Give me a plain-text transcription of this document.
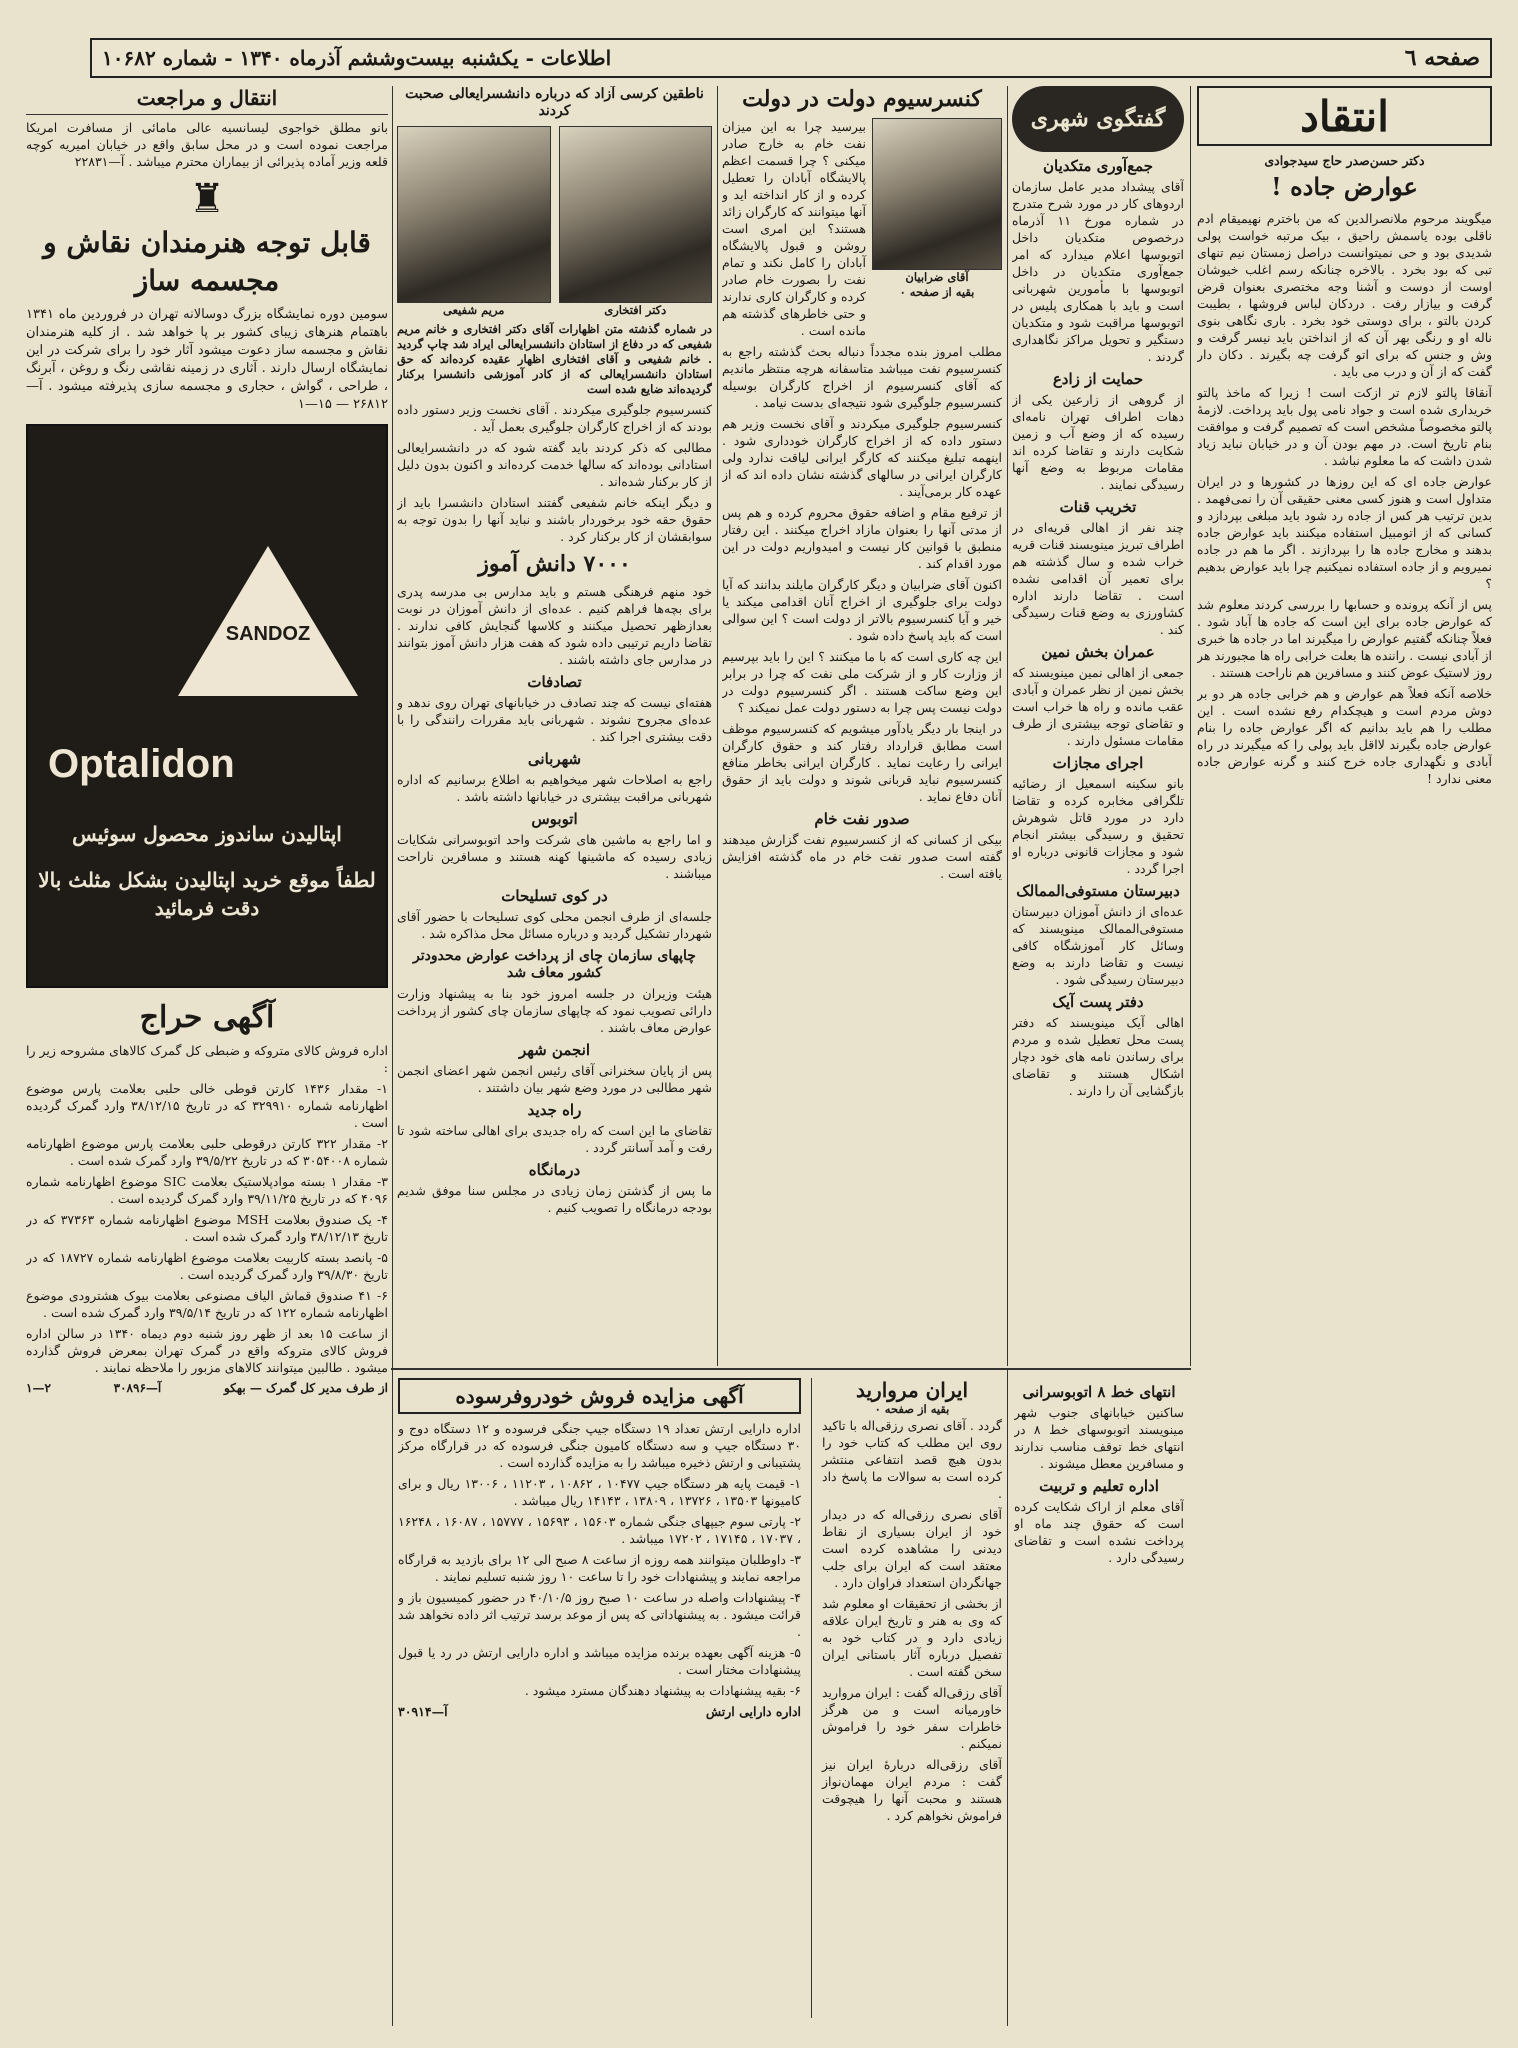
صفحه ٦
اطلاعات - یکشنبه بیست‌وششم آذرماه ۱۳۴۰ - شماره ۱۰۶۸۲
انتقاد
دکتر حسن‌صدر حاج سیدجوادی
عوارض جاده !

میگویند مرحوم ملانصرالدین که من باخترم نهیمیقام ادم ناقلی بوده یاسمش راحیق ، بیک مرتبه خواست پولی شدیدی بود و حی نمیتوانست دراصل زمستان نیم تنهای تبی که بود بخرد . بالاخره چنانکه رسم اغلب خیوشان اوست از دوست و آشنا وجه مختصری بعنوان قرض گرفت و بیازار رفت . دردکان لباس فروشها ، بطیبت کردن بالتو ، برای دوستی خود بخرد . باری نگاهی بنوی ناله او و رنگی بهر آن که از انداختن باید نیسر گرفت و وش و جنس که برای اتو گرفت چه بگیرند . دکان دار گفت که از آن و درب می باید .

آنقاقا پالتو لازم تر ازکت است ! زیرا که ماخذ پالتو خریداری شده است و جواد نامی پول باید پرداخت. لازمهٔ پالتو مخصوصاً مشخص است که تصمیم گرفت و موافقت بنام تاریخ است. در مهم بودن آن و در خیابان نباید زیاد شدن داشت که ما معلوم نباشد .

عوارض جاده ای که این روزها در کشورها و در ایران متداول است و هنوز کسی معنی حقیقی آن را نمی‌فهمد . بدین ترتیب هر کس از جاده رد شود باید مبلغی بپردازد و کسانی که از اتومبیل استفاده میکنند باید عوارض جاده بدهند و مخارج جاده ها را بپردازند . اگر ما هم در جاده نمیرویم و از جاده استفاده نمیکنیم چرا باید عوارض بدهیم ؟

پس از آنکه پرونده و حسابها را بررسی کردند معلوم شد که عوارض جاده برای این است که جاده ها آباد شود . فعلاً چنانکه گفتیم عوارض را میگیرند اما در جاده ها خبری از آبادی نیست . راننده ها بعلت خرابی راه ها مجبورند هر روز لاستیک عوض کنند و مسافرین هم ناراحت هستند .

خلاصه آنکه فعلاً هم عوارض و هم خرابی جاده هر دو بر دوش مردم است و هیچکدام رفع نشده است . این مطلب را هم باید بدانیم که اگر عوارض جاده را بنام عوارض جاده بگیرند لااقل باید پولی را که میگیرند در راه آبادی و نگهداری جاده خرج کنند و گرنه عوارض جاده معنی ندارد !

گفتگوی شهری
جمع‌آوری متکدیان

آقای پیشداد مدیر عامل سازمان اردوهای کار در مورد شرح متدرج در شماره مورخ ۱۱ آذرماه درخصوص متکدیان داخل اتوبوسها اعلام میدارد که امر جمع‌آوری متکدیان در داخل اتوبوسها با مأمورین شهربانی است و باید با همکاری پلیس در اتوبوسها مراقبت شود و متکدیان دستگیر و تحویل مراکز نگاهداری گردند .

حمایت از زادع

از گروهی از زارعین یکی از دهات اطراف تهران نامه‌ای رسیده که از وضع آب و زمین شکایت دارند و تقاضا کرده اند مقامات مربوط به وضع آنها رسیدگی نمایند .

تخریب قنات

چند نفر از اهالی قریه‌ای در اطراف تبریز مینویسند قنات قریه خراب شده و سال گذشته هم برای تعمیر آن اقدامی نشده است . تقاضا دارند اداره کشاورزی به وضع قنات رسیدگی کند .

عمران بخش نمین

جمعی از اهالی نمین مینویسند که بخش نمین از نظر عمران و آبادی عقب مانده و راه ها خراب است و تقاضای توجه بیشتری از طرف مقامات مسئول دارند .

اجرای مجازات

بانو سکینه اسمعیل از رضائیه تلگرافی مخابره کرده و تقاضا دارد در مورد قاتل شوهرش تحقیق و رسیدگی بیشتر انجام شود و مجازات قانونی درباره او اجرا گردد .

دبیرستان مستوفی‌الممالک

عده‌ای از دانش آموزان دبیرستان مستوفی‌الممالک مینویسند که وسائل کار آموزشگاه کافی نیست و تقاضا دارند به وضع دبیرستان رسیدگی شود .

دفتر پست آیک

اهالی آیک مینویسند که دفتر پست محل تعطیل شده و مردم برای رساندن نامه های خود دچار اشکال هستند و تقاضای بازگشایی آن را دارند .

کنسرسیوم دولت در دولت
آقای ضرابیان
بقیه از صفحه ۰

بیرسید چرا به این میزان نفت خام به خارج صادر میکنی ؟ چرا قسمت اعظم پالایشگاه آبادان را تعطیل کرده و از کار انداخته اید و آنها میتوانند که کارگران زائد هستند؟ این امری است روشن و قبول پالایشگاه آبادان را کامل نکند و تمام نفت را بصورت خام صادر کرده و کارگران کاری ندارند و حتی خاطرهای گذشته هم مانده است .

مطلب امروز بنده مجدداً دنباله بحث گذشته راجع به کنسرسیوم نفت میباشد متاسفانه هرچه منتظر ماندیم که آقای کنسرسیوم از اخراج کارگران بوسیله کنسرسیوم جلوگیری شود نتیجه‌ای بدست نیامد .

کنسرسیوم جلوگیری میکردند و آقای نخست وزیر هم دستور داده که از اخراج کارگران خودداری شود . اینهمه تبلیغ میکنند که کارگر ایرانی لیاقت ندارد ولی کارگران ایرانی در سالهای گذشته نشان داده اند که از عهده کار برمی‌آیند .

از ترفیع مقام و اضافه حقوق محروم کرده و هم پس از مدتی آنها را بعنوان مازاد اخراج میکنند . این رفتار منطبق با قوانین کار نیست و امیدواریم دولت در این مورد اقدام کند .

اکنون آقای ضرابیان و دیگر کارگران مایلند بدانند که آیا دولت برای جلوگیری از اخراج آنان اقدامی میکند یا خیر و آیا کنسرسیوم بالاتر از دولت است ؟ این سوالی است که باید پاسخ داده شود .

این چه کاری است که با ما میکنند ؟ این را باید بپرسیم از وزارت کار و از شرکت ملی نفت که چرا در برابر این وضع ساکت هستند . اگر کنسرسیوم دولت در دولت نیست پس چرا به دستور دولت عمل نمیکند ؟

در اینجا بار دیگر یادآور میشویم که کنسرسیوم موظف است مطابق قرارداد رفتار کند و حقوق کارگران ایرانی را رعایت نماید . کارگران ایرانی بخاطر منافع کنسرسیوم نباید قربانی شوند و دولت باید از حقوق آنان دفاع نماید .

صدور نفت خام

بیکی از کسانی که از کنسرسیوم نفت گزارش میدهند گفته است صدور نفت خام در ماه گذشته افزایش یافته است .

ناطقین کرسی آزاد که درباره دانشسرایعالی صحبت کردند
دکتر افتخاری
مریم شفیعی

در شماره گذشته متن اظهارات آقای دکتر افتخاری و خانم مریم شفیعی که در دفاع از استادان دانشسرایعالی ایراد شد چاپ گردید . خانم شفیعی و آقای افتخاری اظهار عقیده کرده‌اند که حق استادان دانشسرایعالی که از کادر آموزشی دانشسرا برکنار گردیده‌اند ضایع شده است

کنسرسیوم جلوگیری میکردند . آقای نخست وزیر دستور داده بودند که از اخراج کارگران جلوگیری بعمل آید .

مطالبی که ذکر کردند باید گفته شود که در دانشسرایعالی استادانی بوده‌اند که سالها خدمت کرده‌اند و اکنون بدون دلیل از کار برکنار شده‌اند .

و دیگر اینکه خانم شفیعی گفتند استادان دانشسرا باید از حقوق حقه خود برخوردار باشند و نباید آنها را بدون توجه به سوابقشان از کار برکنار کرد .

۷۰۰۰ دانش آموز

خود منهم فرهنگی هستم و باید مدارس بی مدرسه پدری برای بچه‌ها فراهم کنیم . عده‌ای از دانش آموزان در نوبت بعدازظهر تحصیل میکنند و کلاسها گنجایش کافی ندارند . تقاضا داریم ترتیبی داده شود که هفت هزار دانش آموز بتوانند در مدارس جای داشته باشند .

تصادفات

هفته‌ای نیست که چند تصادف در خیابانهای تهران روی ندهد و عده‌ای مجروح نشوند . شهربانی باید مقررات رانندگی را با دقت بیشتری اجرا کند .

شهربانی

راجع به اصلاحات شهر میخواهیم به اطلاع برسانیم که اداره شهربانی مراقبت بیشتری در خیابانها داشته باشد .

اتوبوس

و اما راجع به ماشین های شرکت واحد اتوبوسرانی شکایات زیادی رسیده که ماشینها کهنه هستند و مسافرین ناراحت میباشند .

در کوی تسلیحات

جلسه‌ای از طرف انجمن محلی کوی تسلیحات با حضور آقای شهردار تشکیل گردید و درباره مسائل محل مذاکره شد .

چاپهای سازمان چای از پرداخت عوارض محدودتر کشور معاف شد

هیئت وزیران در جلسه امروز خود بنا به پیشنهاد وزارت دارائی تصویب نمود که چاپهای سازمان چای کشور از پرداخت عوارض معاف باشند .

انجمن شهر

پس از پایان سخنرانی آقای رئیس انجمن شهر اعضای انجمن شهر مطالبی در مورد وضع شهر بیان داشتند .

راه جدید

تقاضای ما این است که راه جدیدی برای اهالی ساخته شود تا رفت و آمد آسانتر گردد .

درمانگاه

ما پس از گذشتن زمان زیادی در مجلس سنا موفق شدیم بودجه درمانگاه را تصویب کنیم .

انتقال و مراجعت

بانو مطلق خواجوی لیسانسیه عالی مامائی از مسافرت امریکا مراجعت نموده است و در محل سابق واقع در خیابان امیریه کوچه قلعه وزیر آماده پذیرائی از بیماران محترم میباشد . آ—۲۲۸۳۱

♜
قابل توجه هنرمندان نقاش و مجسمه ساز

سومین دوره نمایشگاه بزرگ دوسالانه تهران در فروردین ماه ۱۳۴۱ باهتمام هنرهای زیبای کشور بر پا خواهد شد . از کلیه هنرمندان نقاش و مجسمه ساز دعوت میشود آثار خود را برای شرکت در این نمایشگاه ارسال دارند . آثاری در زمینه نقاشی رنگ و روغن ، آبرنگ ، طراحی ، گواش ، حجاری و مجسمه سازی پذیرفته میشود . آ—۲۶۸۱۲ — ۱۵—۱

SANDOZ
Optalidon
اپتالیدن ساندوز محصول سوئیس
لطفاً موقع خرید اپتالیدن بشکل مثلث بالا دقت فرمائید
آگهی حراج

اداره فروش کالای متروکه و ضبطی کل گمرک کالاهای مشروحه زیر را :

۱- مقدار ۱۴۳۶ کارتن قوطی خالی حلبی بعلامت پارس موضوع اظهارنامه شماره ۳۲۹۹۱۰ که در تاریخ ۳۸/۱۲/۱۵ وارد گمرک گردیده است .

۲- مقدار ۳۲۲ کارتن درقوطی حلبی بعلامت پارس موضوع اظهارنامه شماره ۳۰۵۴۰۰۸ که در تاریخ ۳۹/۵/۲۲ وارد گمرک شده است .

۳- مقدار ۱ بسته موادپلاستیک بعلامت SIC موضوع اظهارنامه شماره ۴۰۹۶ که در تاریخ ۳۹/۱۱/۲۵ وارد گمرک گردیده است .

۴- یک صندوق بعلامت MSH موضوع اظهارنامه شماره ۳۷۳۶۳ که در تاریخ ۳۸/۱۲/۱۳ وارد گمرک شده است .

۵- پانصد بسته کاربیت بعلامت موضوع اظهارنامه شماره ۱۸۷۲۷ که در تاریخ ۳۹/۸/۳۰ وارد گمرک گردیده است .

۶- ۴۱ صندوق قماش الیاف مصنوعی بعلامت بیوک هشترودی موضوع اظهارنامه شماره ۱۲۲ که در تاریخ ۳۹/۵/۱۴ وارد گمرک شده است .

از ساعت ۱۵ بعد از ظهر روز شنبه دوم دیماه ۱۳۴۰ در سالن اداره فروش کالای متروکه واقع در گمرک تهران بمعرض فروش گذارده میشود . طالبین میتوانند کالاهای مزبور را ملاحظه نمایند .

از طرف مدیر کل گمرک — بهکو
آ—۳۰۸۹۶
۲—۱	انتهای خط ۸ اتوبوسرانی

ساکنین خیابانهای جنوب شهر مینویسند اتوبوسهای خط ۸ در انتهای خط توقف مناسب ندارند و مسافرین معطل میشوند .

اداره تعلیم و تربیت

آقای معلم از اراک شکایت کرده است که حقوق چند ماه او پرداخت نشده است و تقاضای رسیدگی دارد .

ایران مروارید
بقیه از صفحه ۰

گردد . آقای نصری رزقی‌اله با تاکید روی این مطلب که کتاب خود را بدون هیچ قصد انتفاعی منتشر کرده است به سوالات ما پاسخ داد .

آقای نصری رزقی‌اله که در دیدار خود از ایران بسیاری از نقاط دیدنی را مشاهده کرده است معتقد است که ایران برای جلب جهانگردان استعداد فراوان دارد .

از بخشی از تحقیقات او معلوم شد که وی به هنر و تاریخ ایران علاقه زیادی دارد و در کتاب خود به تفصیل درباره آثار باستانی ایران سخن گفته است .

آقای رزقی‌اله گفت : ایران مروارید خاورمیانه است و من هرگز خاطرات سفر خود را فراموش نمیکنم .

آقای رزقی‌اله دربارهٔ ایران نیز گفت : مردم ایران مهمان‌نواز هستند و محبت آنها را هیچوقت فراموش نخواهم کرد .

آگهی مزایده فروش خودروفرسوده

اداره دارایی ارتش تعداد ۱۹ دستگاه جیپ جنگی فرسوده و ۱۲ دستگاه دوج و ۳۰ دستگاه جیپ و سه دستگاه کامیون جنگی فرسوده که در قرارگاه مرکز پشتیبانی و ارتش ذخیره میباشد را به مزایده گذارده است .

۱- قیمت پایه هر دستگاه جیپ ۱۰۴۷۷ ، ۱۰۸۶۲ ، ۱۱۲۰۳ ، ۱۳۰۰۶ ریال و برای کامیونها ۱۳۵۰۳ ، ۱۳۷۲۶ ، ۱۳۸۰۹ ، ۱۴۱۴۳ ریال میباشد .

۲- پارتی سوم جیپهای جنگی شماره ۱۵۶۰۳ ، ۱۵۶۹۳ ، ۱۵۷۷۷ ، ۱۶۰۸۷ ، ۱۶۲۴۸ ، ۱۷۰۳۷ ، ۱۷۱۴۵ ، ۱۷۲۰۲ میباشد .

۳- داوطلبان میتوانند همه روزه از ساعت ۸ صبح الی ۱۲ برای بازدید به قرارگاه مراجعه نمایند و پیشنهادات خود را تا ساعت ۱۰ روز شنبه تسلیم نمایند .

۴- پیشنهادات واصله در ساعت ۱۰ صبح روز ۴۰/۱۰/۵ در حضور کمیسیون باز و قرائت میشود . به پیشنهاداتی که پس از موعد برسد ترتیب اثر داده نخواهد شد .

۵- هزینه آگهی بعهده برنده مزایده میباشد و اداره دارایی ارتش در رد یا قبول پیشنهادات مختار است .

۶- بقیه پیشنهادات به پیشنهاد دهندگان مسترد میشود .

اداره دارایی ارتش
آ—۳۰۹۱۴
